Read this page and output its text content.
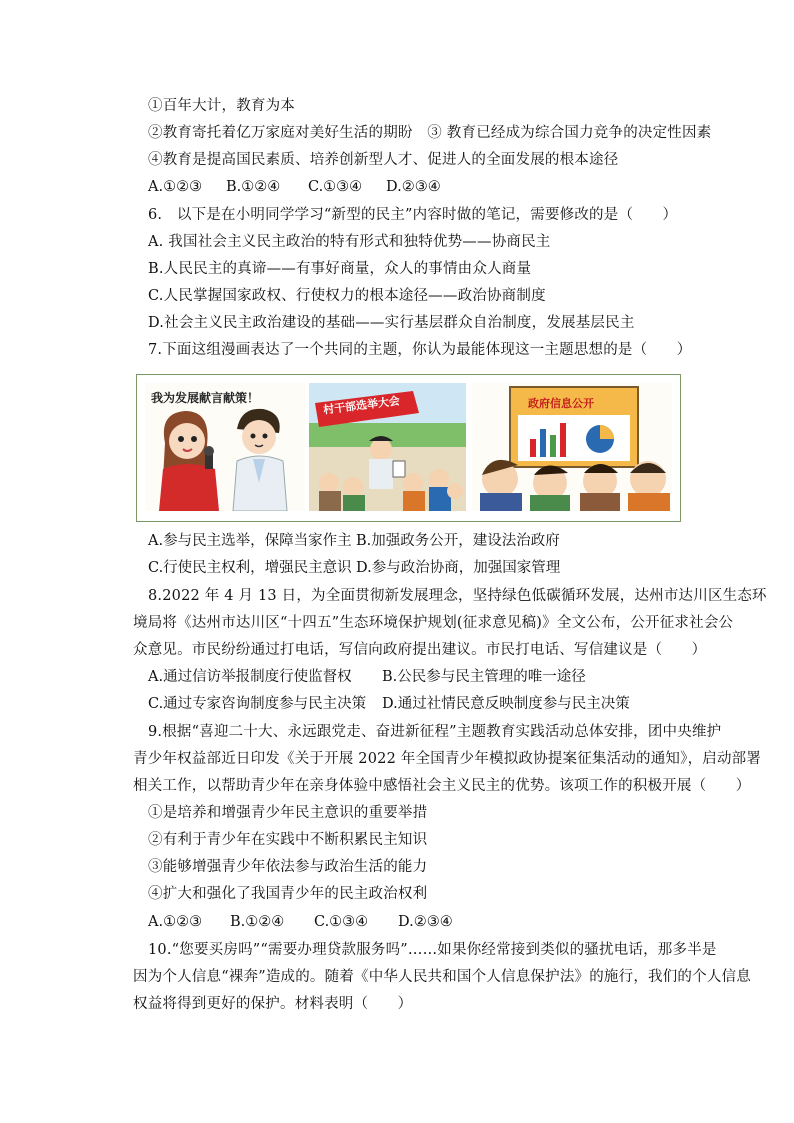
①百年大计，教育为本
②教育寄托着亿万家庭对美好生活的期盼　③ 教育已经成为综合国力竞争的决定性因素
④教育是提高国民素质、培养创新型人才、促进人的全面发展的根本途径
A.①②③ B.①②④ C.①③④ D.②③④
6.　以下是在小明同学学习“新型的民主”内容时做的笔记，需要修改的是（　　）
A. 我国社会主义民主政治的特有形式和独特优势——协商民主
B.人民民主的真谛——有事好商量，众人的事情由众人商量
C.人民掌握国家政权、行使权力的根本途径——政治协商制度
D.社会主义民主政治建设的基础——实行基层群众自治制度，发展基层民主
7.下面这组漫画表达了一个共同的主题，你认为最能体现这一主题思想的是（　　）
我为发展献言献策！	村干部选举大会	政府信息公开
A.参与民主选举，保障当家作主 B.加强政务公开，建设法治政府
C.行使民主权利，增强民主意识 D.参与政治协商，加强国家管理
8.2022 年 4 月 13 日，为全面贯彻新发展理念，坚持绿色低碳循环发展，达州市达川区生态环
境局将《达州市达川区“十四五”生态环境保护规划(征求意见稿)》全文公布，公开征求社会公
众意见。市民纷纷通过打电话，写信向政府提出建议。市民打电话、写信建议是（　　）
A.通过信访举报制度行使监督权 B.公民参与民主管理的唯一途径
C.通过专家咨询制度参与民主决策 D.通过社情民意反映制度参与民主决策
9.根据“喜迎二十大、永远跟党走、奋进新征程”主题教育实践活动总体安排，团中央维护
青少年权益部近日印发《关于开展 2022 年全国青少年模拟政协提案征集活动的通知》，启动部署
相关工作，以帮助青少年在亲身体验中感悟社会主义民主的优势。该项工作的积极开展（　　）
①是培养和增强青少年民主意识的重要举措
②有利于青少年在实践中不断积累民主知识
③能够增强青少年依法参与政治生活的能力
④扩大和强化了我国青少年的民主政治权利
A.①②③ B.①②④ C.①③④ D.②③④
10.“您要买房吗”“需要办理贷款服务吗”……如果你经常接到类似的骚扰电话，那多半是
因为个人信息“裸奔”造成的。随着《中华人民共和国个人信息保护法》的施行，我们的个人信息
权益将得到更好的保护。材料表明（　　）
